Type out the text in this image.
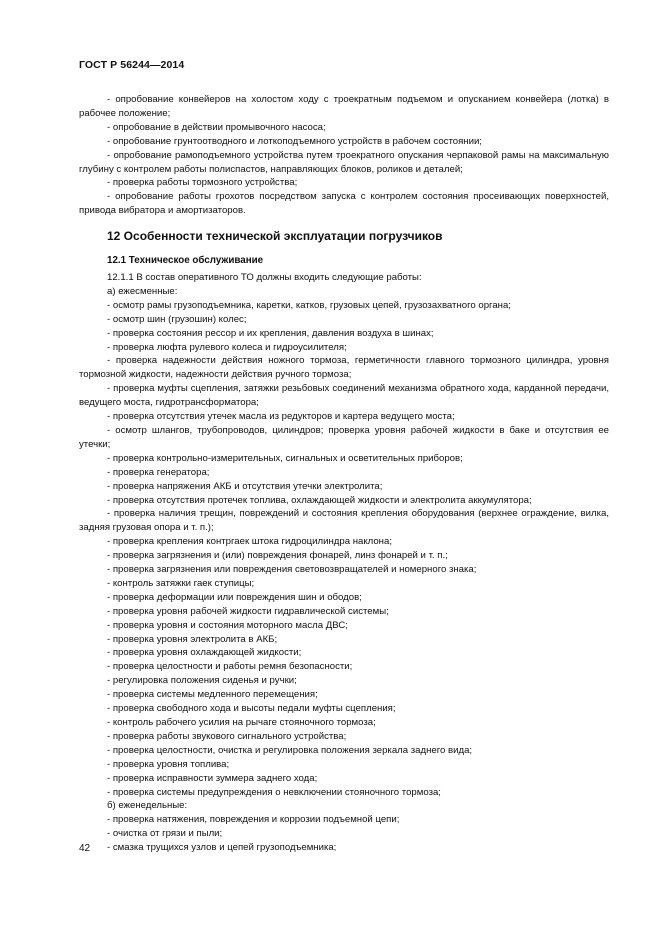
ГОСТ Р 56244—2014

- опробование конвейеров на холостом ходу с троекратным подъемом и опусканием конвейера (лотка) в рабочее положение;

- опробование в действии промывочного насоса;

- опробование грунтоотводного и лоткоподъемного устройств в рабочем состоянии;

- опробование рамоподъемного устройства путем троекратного опускания черпаковой рамы на максимальную глубину с контролем работы полиспастов, направляющих блоков, роликов и деталей;

- проверка работы тормозного устройства;

- опробование работы грохотов посредством запуска с контролем состояния просеивающих поверхностей, привода вибратора и амортизаторов.

12 Особенности технической эксплуатации погрузчиков
12.1 Техническое обслуживание

12.1.1 В состав оперативного ТО должны входить следующие работы:

а) ежесменные:

- осмотр рамы грузоподъемника, каретки, катков, грузовых цепей, грузозахватного органа;

- осмотр шин (грузошин) колес;

- проверка состояния рессор и их крепления, давления воздуха в шинах;

- проверка люфта рулевого колеса и гидроусилителя;

- проверка надежности действия ножного тормоза, герметичности главного тормозного цилиндра, уровня тормозной жидкости, надежности действия ручного тормоза;

- проверка муфты сцепления, затяжки резьбовых соединений механизма обратного хода, карданной передачи, ведущего моста, гидротрансформатора;

- проверка отсутствия утечек масла из редукторов и картера ведущего моста;

- осмотр шлангов, трубопроводов, цилиндров; проверка уровня рабочей жидкости в баке и отсутствия ее утечки;

- проверка контрольно-измерительных, сигнальных и осветительных приборов;

- проверка генератора;

- проверка напряжения АКБ и отсутствия утечки электролита;

- проверка отсутствия протечек топлива, охлаждающей жидкости и электролита аккумулятора;

- проверка наличия трещин, повреждений и состояния крепления оборудования (верхнее ограждение, вилка, задняя грузовая опора и т. п.);

- проверка крепления контргаек штока гидроцилиндра наклона;

- проверка загрязнения и (или) повреждения фонарей, линз фонарей и т. п.;

- проверка загрязнения или повреждения световозвращателей и номерного знака;

- контроль затяжки гаек ступицы;

- проверка деформации или повреждения шин и ободов;

- проверка уровня рабочей жидкости гидравлической системы;

- проверка уровня и состояния моторного масла ДВС;

- проверка уровня электролита в АКБ;

- проверка уровня охлаждающей жидкости;

- проверка целостности и работы ремня безопасности;

- регулировка положения сиденья и ручки;

- проверка системы медленного перемещения;

- проверка свободного хода и высоты педали муфты сцепления;

- контроль рабочего усилия на рычаге стояночного тормоза;

- проверка работы звукового сигнального устройства;

- проверка целостности, очистка и регулировка положения зеркала заднего вида;

- проверка уровня топлива;

- проверка исправности зуммера заднего хода;

- проверка системы предупреждения о невключении стояночного тормоза;

б) еженедельные:

- проверка натяжения, повреждения и коррозии подъемной цепи;

- очистка от грязи и пыли;

- смазка трущихся узлов и цепей грузоподъемника;

42
